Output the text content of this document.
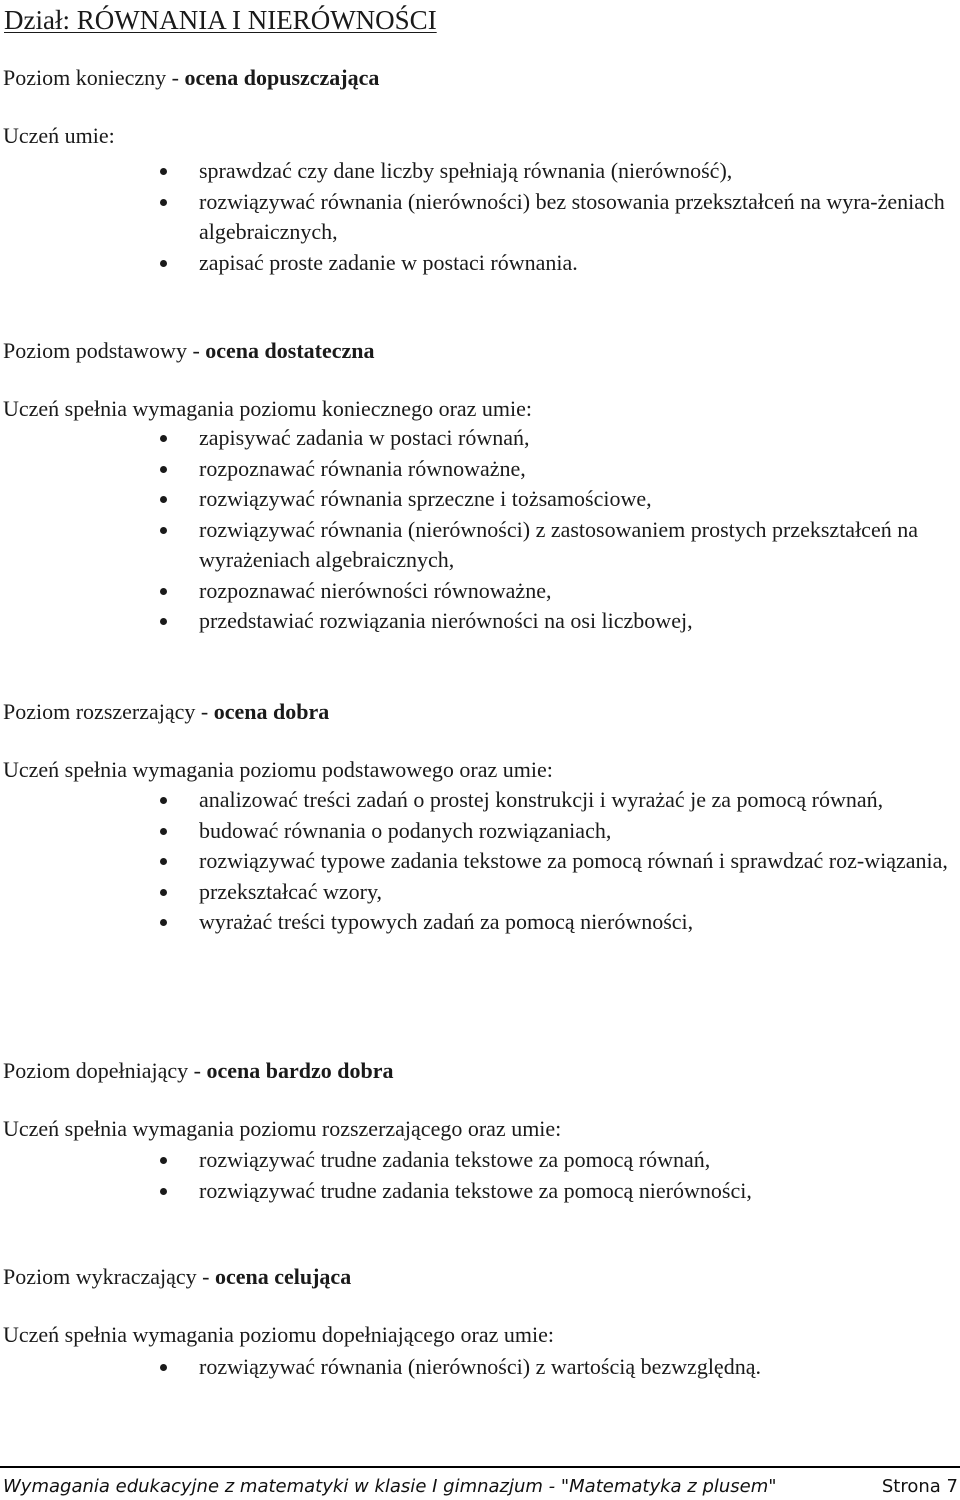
Dział: RÓWNANIA I NIERÓWNOŚCI
Poziom konieczny - ocena dopuszczająca
Uczeń umie:
sprawdzać czy dane liczby spełniają równania (nierówność),
rozwiązywać równania (nierówności) bez stosowania przekształceń na wyra-żeniach algebraicznych,
zapisać proste zadanie w postaci równania.
Poziom podstawowy - ocena dostateczna
Uczeń spełnia wymagania poziomu koniecznego oraz umie:
zapisywać zadania w postaci równań,
rozpoznawać równania równoważne,
rozwiązywać równania sprzeczne i tożsamościowe,
rozwiązywać równania (nierówności) z zastosowaniem prostych przekształceń na wyrażeniach algebraicznych,
rozpoznawać nierówności równoważne,
przedstawiać rozwiązania nierówności na osi liczbowej,
Poziom rozszerzający - ocena dobra
Uczeń spełnia wymagania poziomu podstawowego oraz umie:
analizować treści zadań o prostej konstrukcji i wyrażać je za pomocą równań,
budować równania o podanych rozwiązaniach,
rozwiązywać typowe zadania tekstowe za pomocą równań i sprawdzać roz-wiązania,
przekształcać wzory,
wyrażać treści typowych zadań za pomocą nierówności,
Poziom dopełniający - ocena bardzo dobra
Uczeń spełnia wymagania poziomu rozszerzającego oraz umie:
rozwiązywać trudne zadania tekstowe za pomocą równań,
rozwiązywać trudne zadania tekstowe za pomocą nierówności,
Poziom wykraczający - ocena celująca
Uczeń spełnia wymagania poziomu dopełniającego oraz umie:
rozwiązywać równania (nierówności) z wartością bezwzględną.
Wymagania edukacyjne z matematyki w klasie I gimnazjum - "Matematyka z plusem"	Strona 7
